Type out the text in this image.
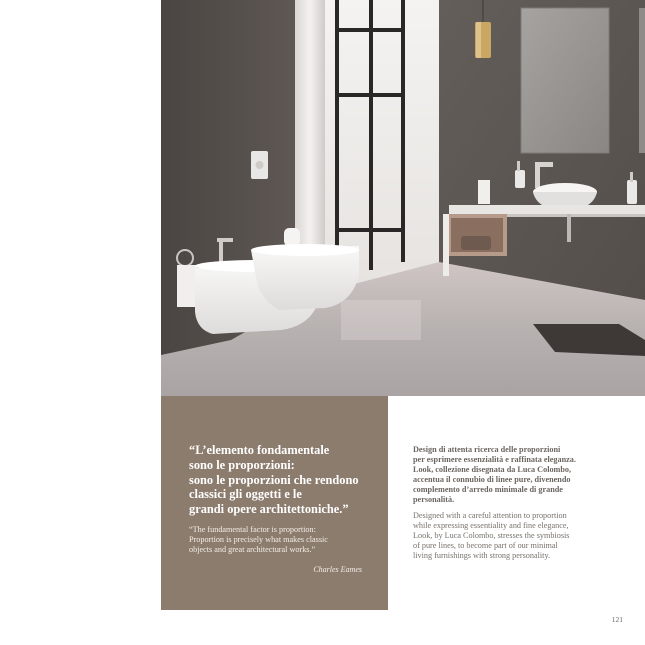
“L’elemento fondamentale
sono le proporzioni:
sono le proporzioni che rendono
classici gli oggetti e le
grandi opere architettoniche.”

“The fundamental factor is proportion:
Proportion is precisely what makes classic
objects and great architectural works.”

Charles Eames

Design di attenta ricerca delle proporzioni
per esprimere essenzialità e raffinata eleganza.
Look, collezione disegnata da Luca Colombo,
accentua il connubio di linee pure, divenendo
complemento d’arredo minimale di grande
personalità.

Designed with a careful attention to proportion
while expressing essentiality and fine elegance,
Look, by Luca Colombo, stresses the symbiosis
of pure lines, to become part of our minimal
living furnishings with strong personality.

121
